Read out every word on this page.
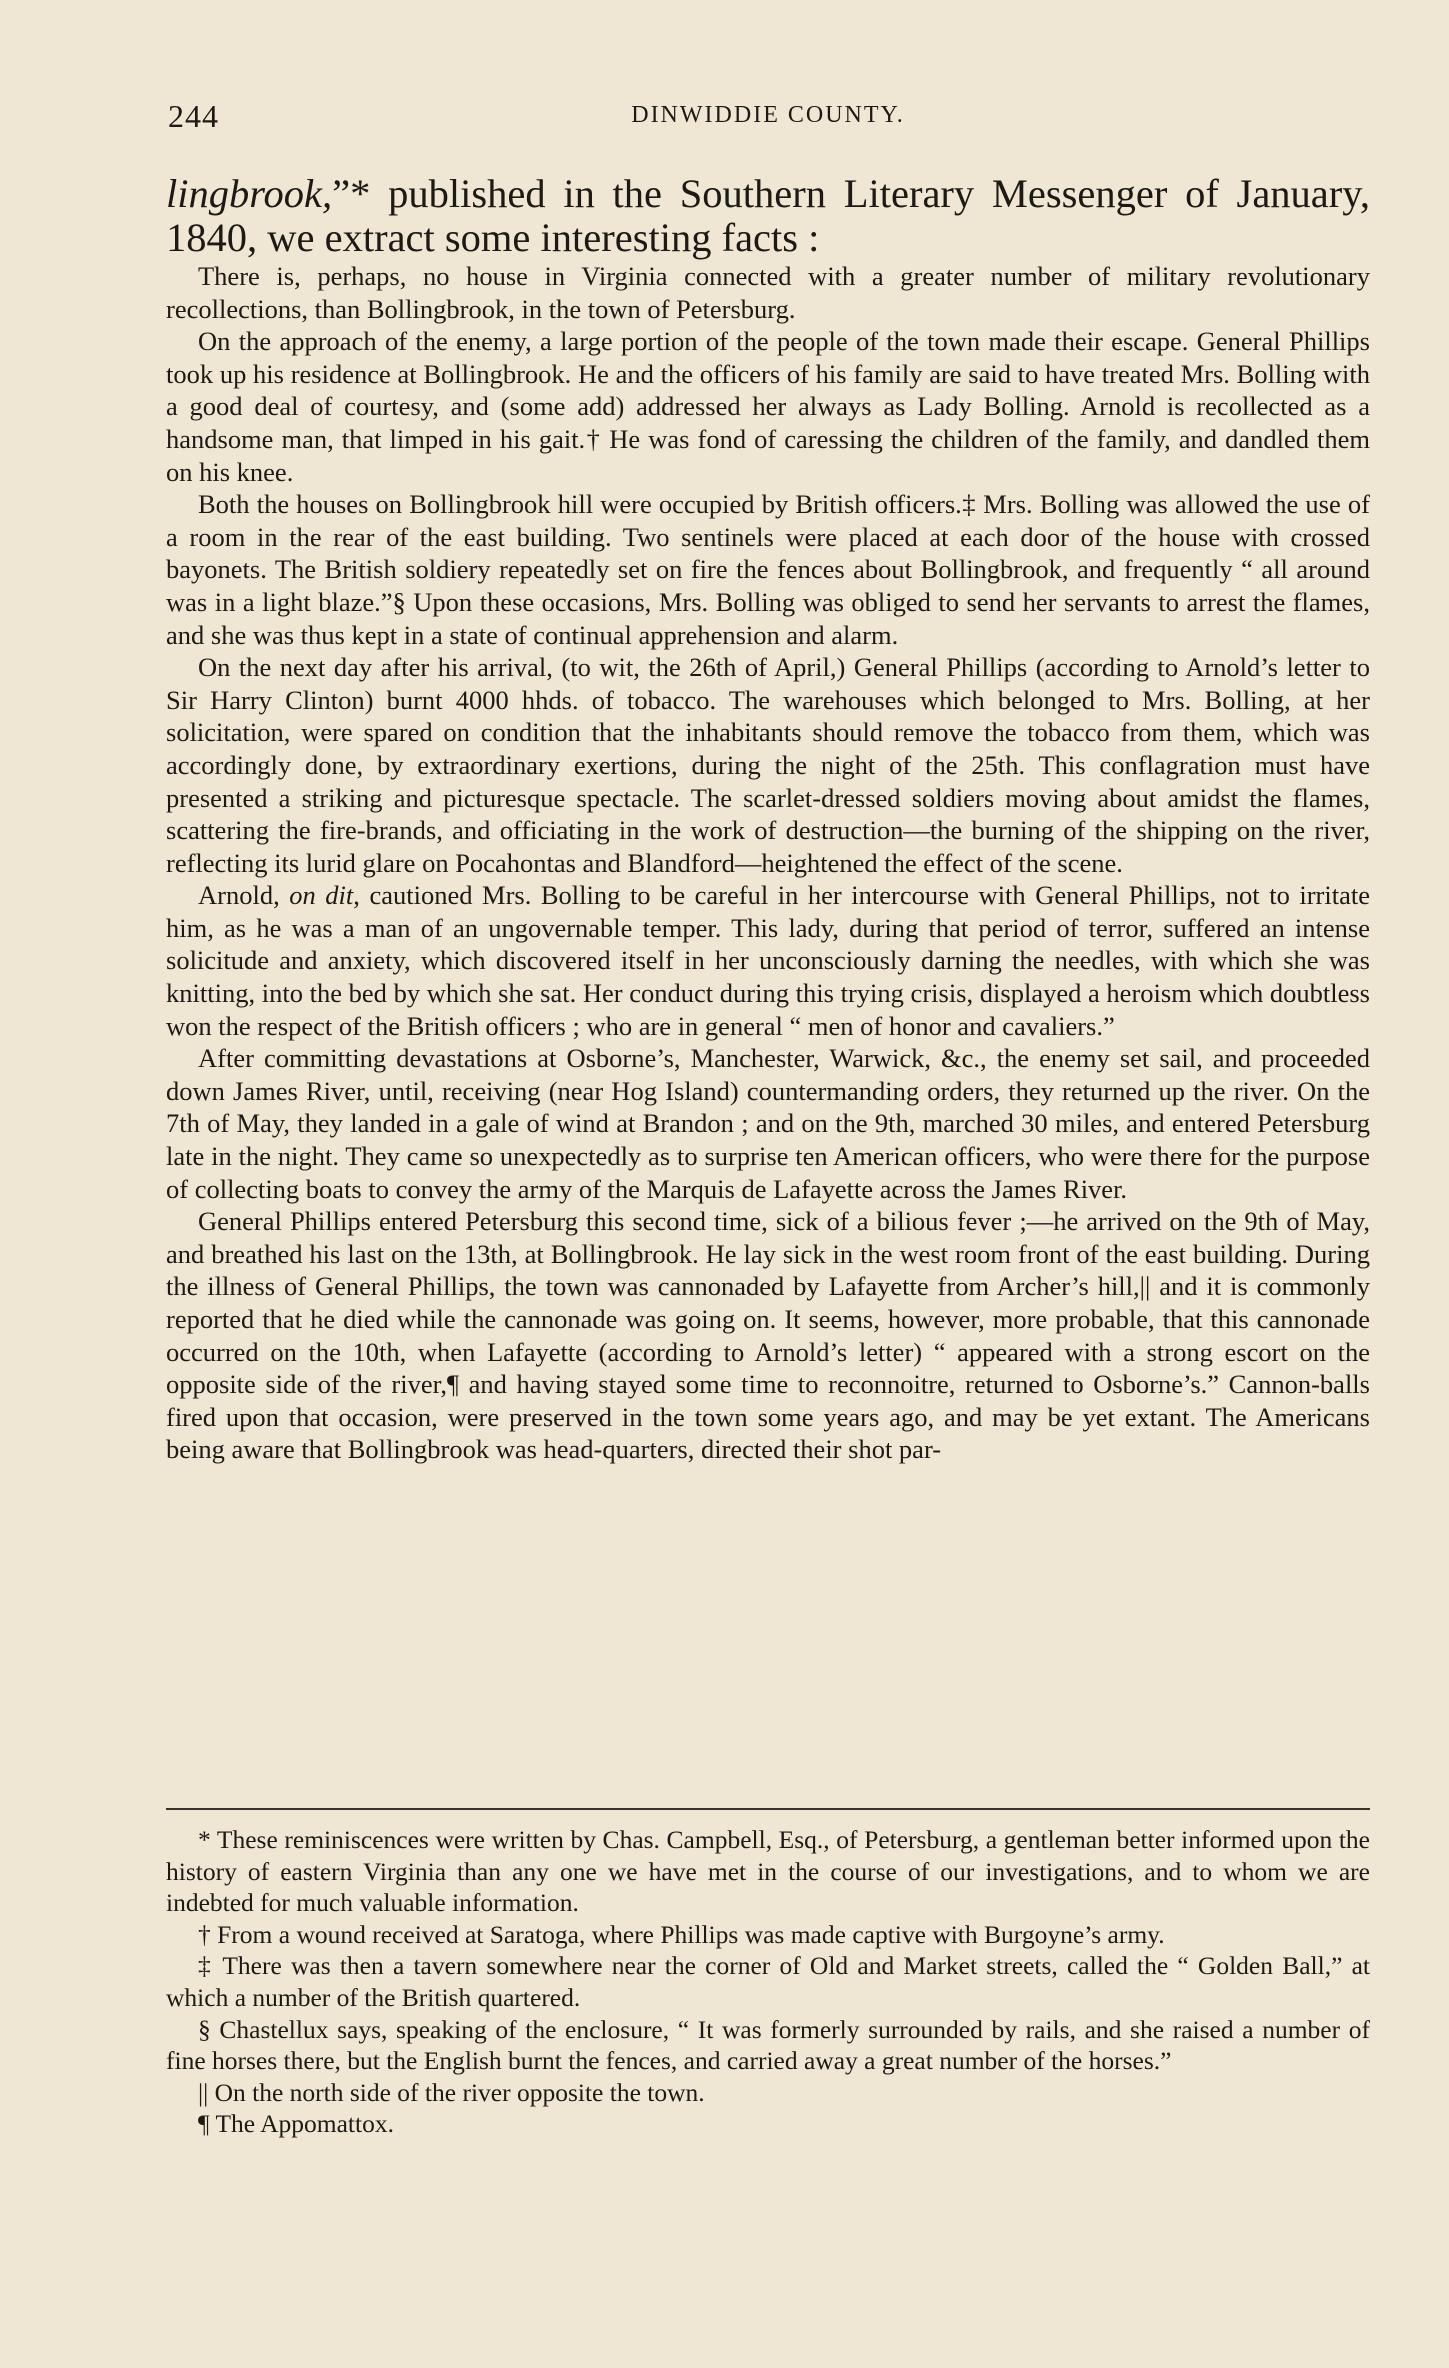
244	DINWIDDIE COUNTY.

lingbrook,”* published in the Southern Literary Messenger of January, 1840, we extract some interesting facts :

There is, perhaps, no house in Virginia connected with a greater number of military revolutionary recollections, than Bollingbrook, in the town of Petersburg.

On the approach of the enemy, a large portion of the people of the town made their escape. General Phillips took up his residence at Bollingbrook. He and the officers of his family are said to have treated Mrs. Bolling with a good deal of courtesy, and (some add) addressed her always as Lady Bolling. Arnold is recollected as a handsome man, that limped in his gait.† He was fond of caressing the children of the family, and dandled them on his knee.

Both the houses on Bollingbrook hill were occupied by British officers.‡ Mrs. Bolling was allowed the use of a room in the rear of the east building. Two sentinels were placed at each door of the house with crossed bayonets. The British soldiery repeatedly set on fire the fences about Bollingbrook, and frequently “ all around was in a light blaze.”§ Upon these occasions, Mrs. Bolling was obliged to send her servants to arrest the flames, and she was thus kept in a state of continual apprehension and alarm.

On the next day after his arrival, (to wit, the 26th of April,) General Phillips (according to Arnold’s letter to Sir Harry Clinton) burnt 4000 hhds. of tobacco. The warehouses which belonged to Mrs. Bolling, at her solicitation, were spared on condition that the inhabitants should remove the tobacco from them, which was accordingly done, by extraordinary exertions, during the night of the 25th. This conflagration must have presented a striking and picturesque spectacle. The scarlet-dressed soldiers moving about amidst the flames, scattering the fire-brands, and officiating in the work of destruction—the burning of the shipping on the river, reflecting its lurid glare on Pocahontas and Blandford—heightened the effect of the scene.

Arnold, on dit, cautioned Mrs. Bolling to be careful in her intercourse with General Phillips, not to irritate him, as he was a man of an ungovernable temper. This lady, during that period of terror, suffered an intense solicitude and anxiety, which discovered itself in her unconsciously darning the needles, with which she was knitting, into the bed by which she sat. Her conduct during this trying crisis, displayed a heroism which doubtless won the respect of the British officers ; who are in general “ men of honor and cavaliers.”

After committing devastations at Osborne’s, Manchester, Warwick, &c., the enemy set sail, and proceeded down James River, until, receiving (near Hog Island) countermanding orders, they returned up the river. On the 7th of May, they landed in a gale of wind at Brandon ; and on the 9th, marched 30 miles, and entered Petersburg late in the night. They came so unexpectedly as to surprise ten American officers, who were there for the purpose of collecting boats to convey the army of the Marquis de Lafayette across the James River.

General Phillips entered Petersburg this second time, sick of a bilious fever ;—he arrived on the 9th of May, and breathed his last on the 13th, at Bollingbrook. He lay sick in the west room front of the east building. During the illness of General Phillips, the town was cannonaded by Lafayette from Archer’s hill,|| and it is commonly reported that he died while the cannonade was going on. It seems, however, more probable, that this cannonade occurred on the 10th, when Lafayette (according to Arnold’s letter) “ appeared with a strong escort on the opposite side of the river,¶ and having stayed some time to reconnoitre, returned to Osborne’s.” Cannon-balls fired upon that occasion, were preserved in the town some years ago, and may be yet extant. The Americans being aware that Bollingbrook was head-quarters, directed their shot par-

* These reminiscences were written by Chas. Campbell, Esq., of Petersburg, a gentleman better informed upon the history of eastern Virginia than any one we have met in the course of our investigations, and to whom we are indebted for much valuable information.

† From a wound received at Saratoga, where Phillips was made captive with Burgoyne’s army.

‡ There was then a tavern somewhere near the corner of Old and Market streets, called the “ Golden Ball,” at which a number of the British quartered.

§ Chastellux says, speaking of the enclosure, “ It was formerly surrounded by rails, and she raised a number of fine horses there, but the English burnt the fences, and carried away a great number of the horses.”

|| On the north side of the river opposite the town.

¶ The Appomattox.
